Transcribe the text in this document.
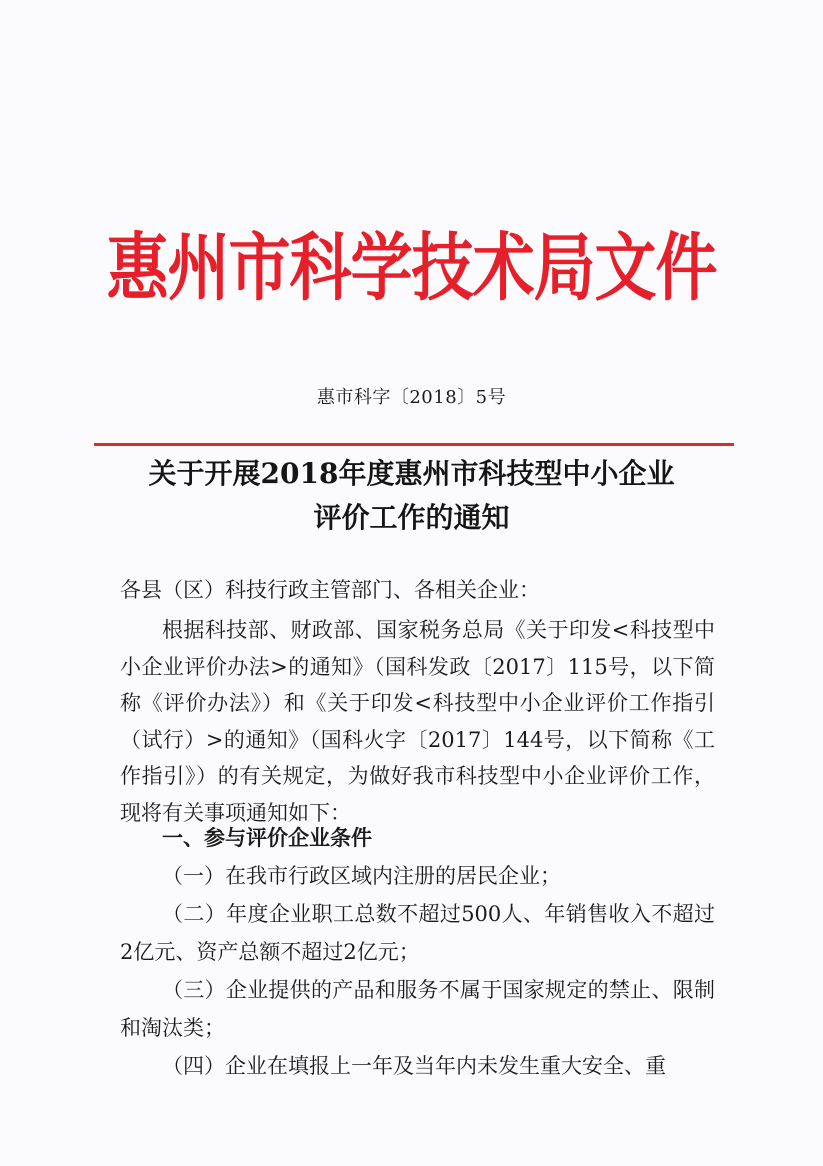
惠州市科学技术局文件
惠市科字〔2018〕5号
关于开展2018年度惠州市科技型中小企业
评价工作的通知
各县（区）科技行政主管部门、各相关企业：

根据科技部、财政部、国家税务总局《关于印发<科技型中小企业评价办法>的通知》（国科发政〔2017〕115号，以下简称《评价办法》）和《关于印发<科技型中小企业评价工作指引（试行）>的通知》（国科火字〔2017〕144号，以下简称《工作指引》）的有关规定，为做好我市科技型中小企业评价工作，现将有关事项通知如下：

一、参与评价企业条件

（一）在我市行政区域内注册的居民企业；

（二）年度企业职工总数不超过500人、年销售收入不超过2亿元、资产总额不超过2亿元；

（三）企业提供的产品和服务不属于国家规定的禁止、限制和淘汰类；

（四）企业在填报上一年及当年内未发生重大安全、重
